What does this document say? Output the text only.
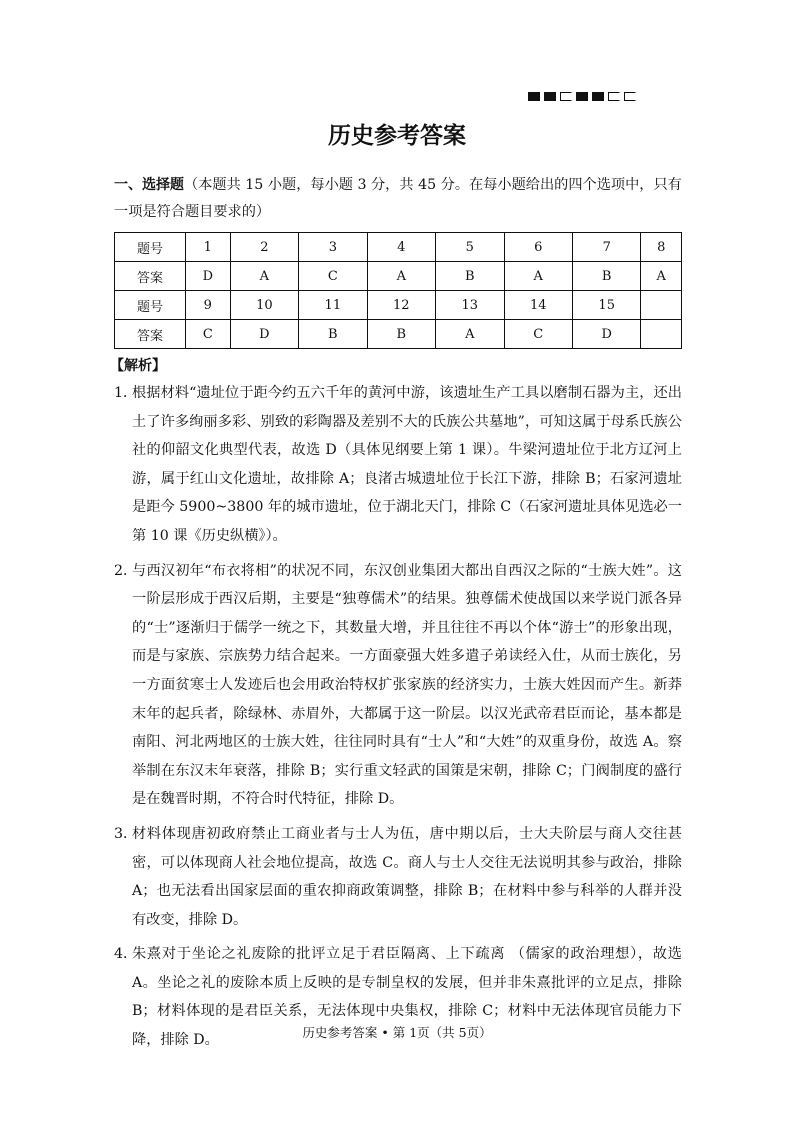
历史参考答案

一、选择题（本题共 15 小题，每小题 3 分，共 45 分。在每小题给出的四个选项中，只有一项是符合题目要求的）

题号	1	2	3	4	5	6	7	8
答案	D	A	C	A	B	A	B	A
题号	9	10	11	12	13	14	15	
答案	C	D	B	B	A	C	D	
【解析】
1．
根据材料“遗址位于距今约五六千年的黄河中游，该遗址生产工具以磨制石器为主，还出土了许多绚丽多彩、别致的彩陶器及差别不大的氏族公共墓地”，可知这属于母系氏族公社的仰韶文化典型代表，故选 D（具体见纲要上第 1 课）。牛梁河遗址位于北方辽河上游，属于红山文化遗址，故排除 A；良渚古城遗址位于长江下游，排除 B；石家河遗址是距今 5900~3800 年的城市遗址，位于湖北天门，排除 C（石家河遗址具体见选必一第 10 课《历史纵横》）。
2．
与西汉初年“布衣将相”的状况不同，东汉创业集团大都出自西汉之际的“士族大姓”。这一阶层形成于西汉后期，主要是“独尊儒术”的结果。独尊儒术使战国以来学说门派各异的“士”逐渐归于儒学一统之下，其数量大增，并且往往不再以个体“游士”的形象出现，而是与家族、宗族势力结合起来。一方面豪强大姓多遣子弟读经入仕，从而士族化，另一方面贫寒士人发迹后也会用政治特权扩张家族的经济实力，士族大姓因而产生。新莽末年的起兵者，除绿林、赤眉外，大都属于这一阶层。以汉光武帝君臣而论，基本都是南阳、河北两地区的士族大姓，往往同时具有“士人”和“大姓”的双重身份，故选 A。察举制在东汉末年衰落，排除 B；实行重文轻武的国策是宋朝，排除 C；门阀制度的盛行是在魏晋时期，不符合时代特征，排除 D。
3．
材料体现唐初政府禁止工商业者与士人为伍，唐中期以后，士大夫阶层与商人交往甚密，可以体现商人社会地位提高，故选 C。商人与士人交往无法说明其参与政治，排除 A；也无法看出国家层面的重农抑商政策调整，排除 B；在材料中参与科举的人群并没有改变，排除 D。
4．
朱熹对于坐论之礼废除的批评立足于君臣隔离、上下疏离 （儒家的政治理想），故选 A。坐论之礼的废除本质上反映的是专制皇权的发展，但并非朱熹批评的立足点，排除 B；材料体现的是君臣关系，无法体现中央集权，排除 C；材料中无法体现官员能力下降，排除 D。	历史参考答案 • 第 1页（共 5页）
